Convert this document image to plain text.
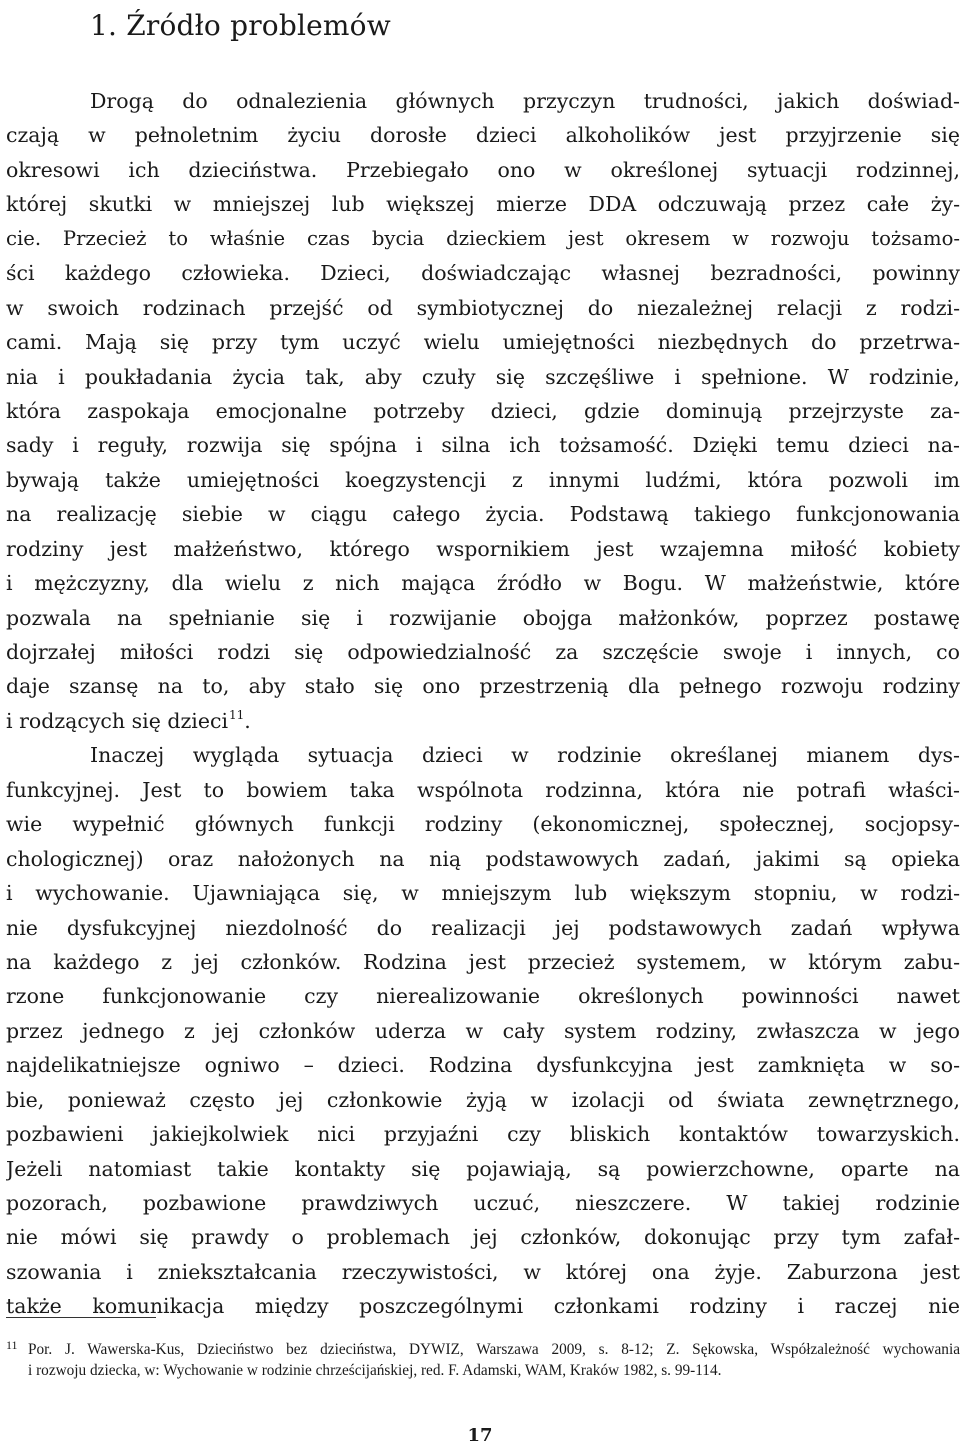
1. Źródło problemów
Drogą do odnalezienia głównych przyczyn trudności, jakich doświad-
czają w pełnoletnim życiu dorosłe dzieci alkoholików jest przyjrzenie się
okresowi ich dzieciństwa. Przebiegało ono w określonej sytuacji rodzinnej,
której skutki w mniejszej lub większej mierze DDA odczuwają przez całe ży-
cie. Przecież to właśnie czas bycia dzieckiem jest okresem w rozwoju tożsamo-
ści każdego człowieka. Dzieci, doświadczając własnej bezradności, powinny
w swoich rodzinach przejść od symbiotycznej do niezależnej relacji z rodzi-
cami. Mają się przy tym uczyć wielu umiejętności niezbędnych do przetrwa-
nia i poukładania życia tak, aby czuły się szczęśliwe i spełnione. W rodzinie,
która zaspokaja emocjonalne potrzeby dzieci, gdzie dominują przejrzyste za-
sady i reguły, rozwija się spójna i silna ich tożsamość. Dzięki temu dzieci na-
bywają także umiejętności koegzystencji z innymi ludźmi, która pozwoli im
na realizację siebie w ciągu całego życia. Podstawą takiego funkcjonowania
rodziny jest małżeństwo, którego wspornikiem jest wzajemna miłość kobiety
i mężczyzny, dla wielu z nich mająca źródło w Bogu. W małżeństwie, które
pozwala na spełnianie się i rozwijanie obojga małżonków, poprzez postawę
dojrzałej miłości rodzi się odpowiedzialność za szczęście swoje i innych, co
daje szansę na to, aby stało się ono przestrzenią dla pełnego rozwoju rodziny
i rodzących się dzieci$^{11}$.
Inaczej wygląda sytuacja dzieci w rodzinie określanej mianem dys-
funkcyjnej. Jest to bowiem taka wspólnota rodzinna, która nie potrafi właści-
wie wypełnić głównych funkcji rodziny (ekonomicznej, społecznej, socjopsy-
chologicznej) oraz nałożonych na nią podstawowych zadań, jakimi są opieka
i wychowanie. Ujawniająca się, w mniejszym lub większym stopniu, w rodzi-
nie dysfukcyjnej niezdolność do realizacji jej podstawowych zadań wpływa
na każdego z jej członków. Rodzina jest przecież systemem, w którym zabu-
rzone funkcjonowanie czy nierealizowanie określonych powinności nawet
przez jednego z jej członków uderza w cały system rodziny, zwłaszcza w jego
najdelikatniejsze ogniwo – dzieci. Rodzina dysfunkcyjna jest zamknięta w so-
bie, ponieważ często jej członkowie żyją w izolacji od świata zewnętrznego,
pozbawieni jakiejkolwiek nici przyjaźni czy bliskich kontaktów towarzyskich.
Jeżeli natomiast takie kontakty się pojawiają, są powierzchowne, oparte na
pozorach, pozbawione prawdziwych uczuć, nieszczere. W takiej rodzinie
nie mówi się prawdy o problemach jej członków, dokonując przy tym zafał-
szowania i zniekształcania rzeczywistości, w której ona żyje. Zaburzona jest
także komunikacja między poszczególnymi członkami rodziny i raczej nie
11 Por. J. Wawerska-Kus, Dzieciństwo bez dzieciństwa, DYWIZ, Warszawa 2009, s. 8-12; Z. Sękowska, Współzależność wychowania
i rozwoju dziecka, w: Wychowanie w rodzinie chrześcijańskiej, red. F. Adamski, WAM, Kraków 1982, s. 99-114.
17
